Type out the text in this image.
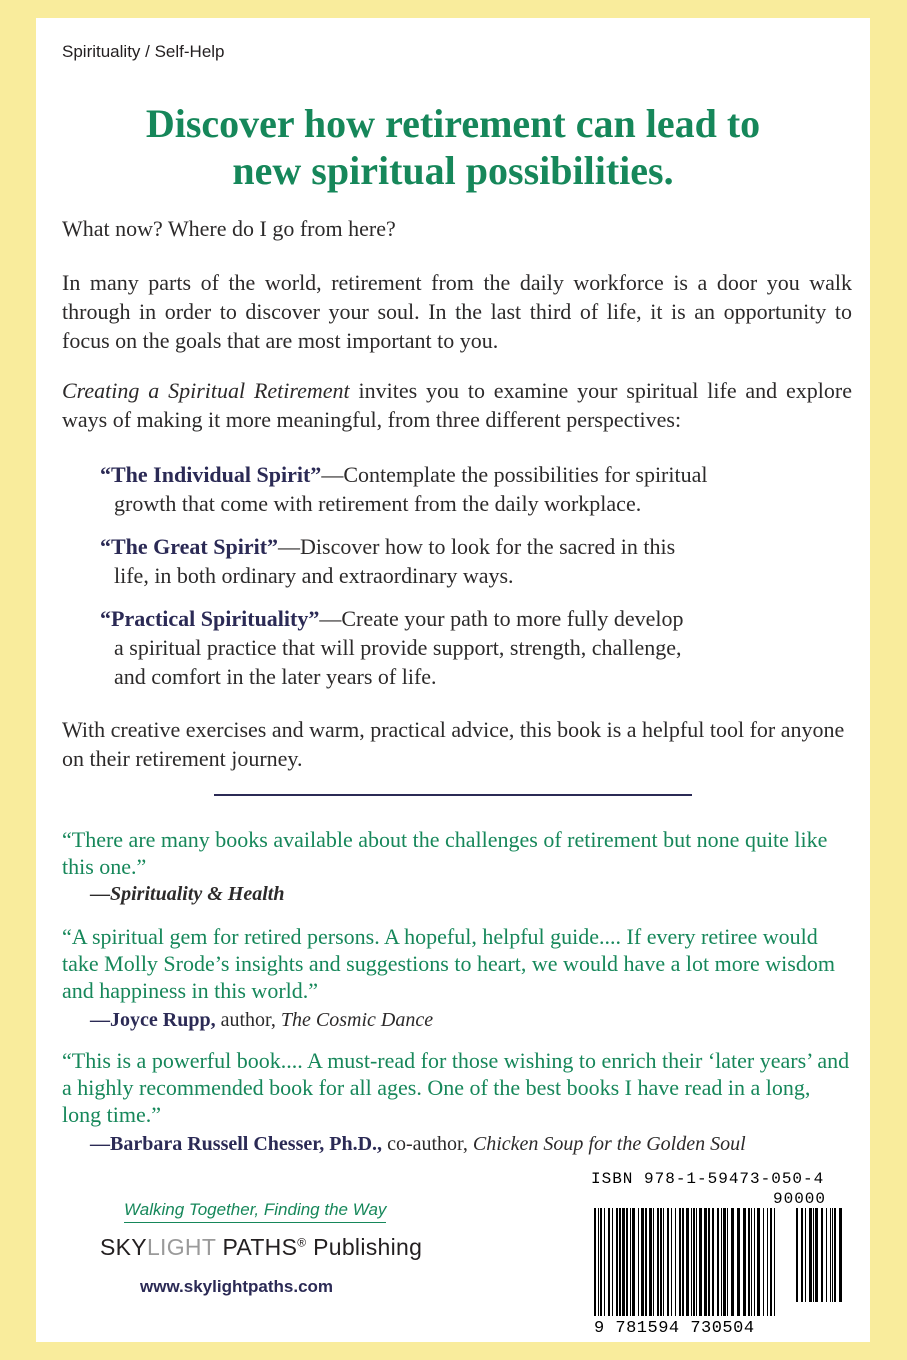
Spirituality / Self-Help
Discover how retirement can lead to
new spiritual possibilities.

What now? Where do I go from here?

In many parts of the world, retirement from the daily workforce is a door you walk through in order to discover your soul. In the last third of life, it is an opportunity to focus on the goals that are most important to you.

Creating a Spiritual Retirement invites you to examine your spiritual life and explore ways of making it more meaningful, from three different perspectives:

“The Individual Spirit”—Contemplate the possibilities for spiritual
growth that come with retirement from the daily workplace.
“The Great Spirit”—Discover how to look for the sacred in this
life, in both ordinary and extraordinary ways.
“Practical Spirituality”—Create your path to more fully develop
a spiritual practice that will provide support, strength, challenge,
and comfort in the later years of life.

With creative exercises and warm, practical advice, this book is a helpful tool for anyone on their retirement journey.

“There are many books available about the challenges of retirement but none quite like this one.”

—Spirituality & Health

“A spiritual gem for retired persons. A hopeful, helpful guide.... If every retiree would take Molly Srode’s insights and suggestions to heart, we would have a lot more wisdom and happiness in this world.”

—Joyce Rupp, author, The Cosmic Dance

“This is a powerful book.... A must-read for those wishing to enrich their ‘later years’ and a highly recommended book for all ages. One of the best books I have read in a long, long time.”

—Barbara Russell Chesser, Ph.D., co-author, Chicken Soup for the Golden Soul
Walking Together, Finding the Way
SKYLIGHT PATHS® Publishing
www.skylightpaths.com
ISBN 978-1-59473-050-4
90000
9 781594 730504
